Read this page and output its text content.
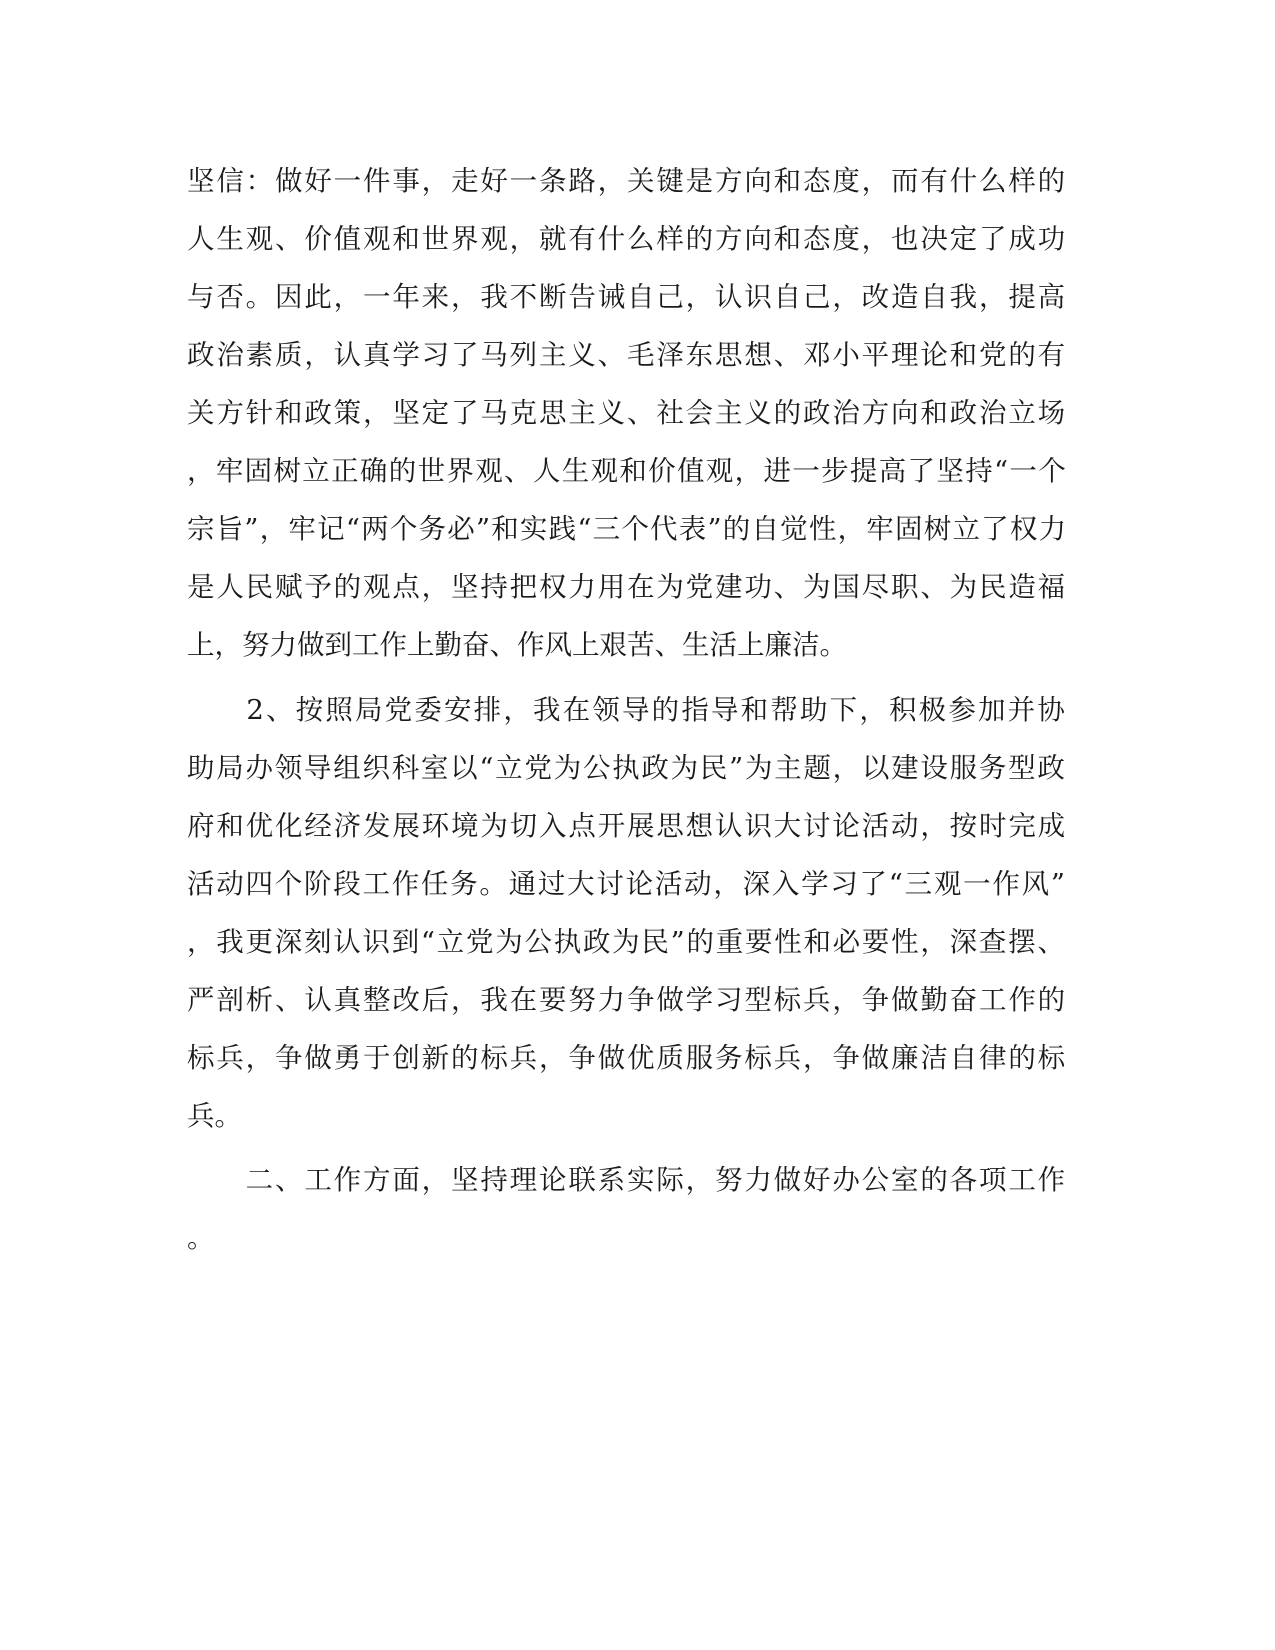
坚信：做好一件事，走好一条路，关键是方向和态度，而有什么样的
人生观、价值观和世界观，就有什么样的方向和态度，也决定了成功
与否。因此，一年来，我不断告诫自己，认识自己，改造自我，提高
政治素质，认真学习了马列主义、毛泽东思想、邓小平理论和党的有
关方针和政策，坚定了马克思主义、社会主义的政治方向和政治立场
，牢固树立正确的世界观、人生观和价值观，进一步提高了坚持“一个
宗旨”，牢记“两个务必”和实践“三个代表”的自觉性，牢固树立了权力
是人民赋予的观点，坚持把权力用在为党建功、为国尽职、为民造福
上，努力做到工作上勤奋、作风上艰苦、生活上廉洁。
　　2、按照局党委安排，我在领导的指导和帮助下，积极参加并协
助局办领导组织科室以“立党为公执政为民”为主题，以建设服务型政
府和优化经济发展环境为切入点开展思想认识大讨论活动，按时完成
活动四个阶段工作任务。通过大讨论活动，深入学习了“三观一作风”
，我更深刻认识到“立党为公执政为民”的重要性和必要性，深查摆、
严剖析、认真整改后，我在要努力争做学习型标兵，争做勤奋工作的
标兵，争做勇于创新的标兵，争做优质服务标兵，争做廉洁自律的标
兵。
　　二、工作方面，坚持理论联系实际，努力做好办公室的各项工作
。
